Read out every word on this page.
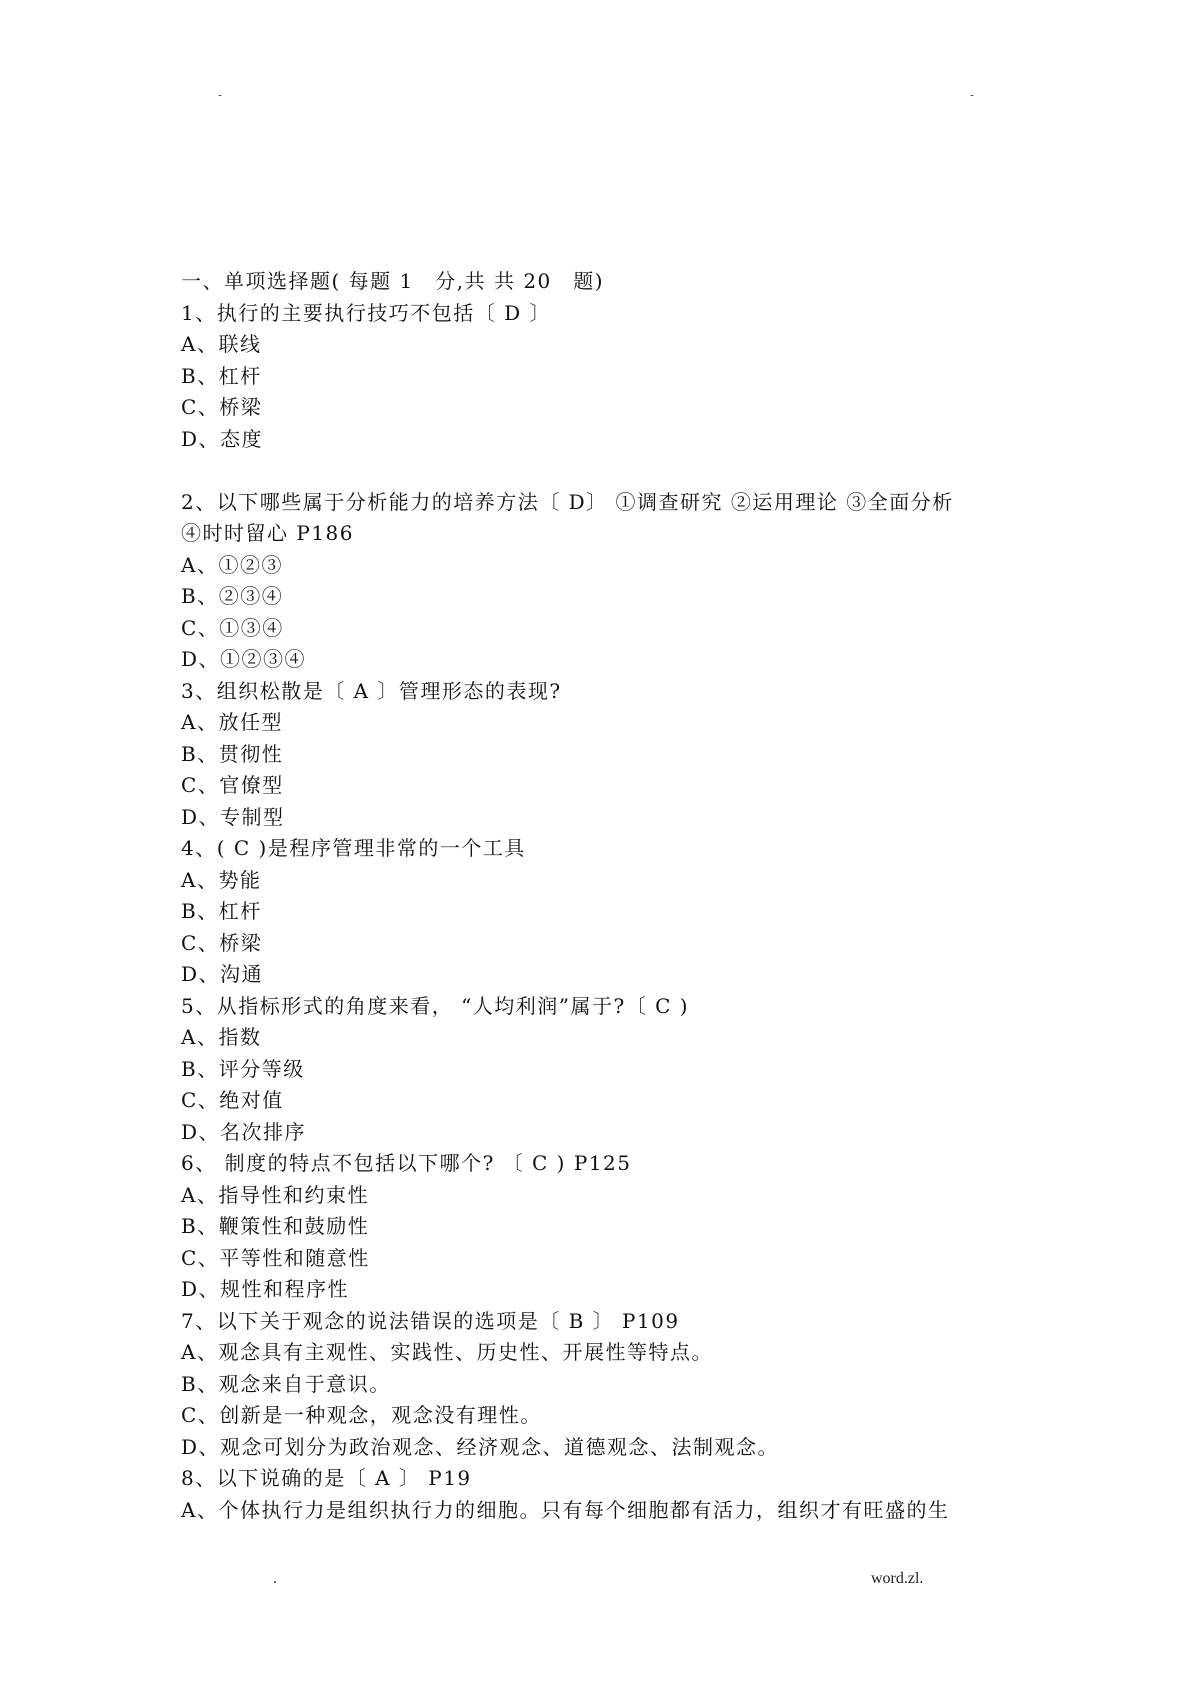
-	-
一、单项选择题( 每题 1　分,共 共 20　题)
1、执行的主要执行技巧不包括〔 D 〕
A、联线
B、杠杆
C、桥梁
D、态度
2、以下哪些属于分析能力的培养方法〔 D〕 ①调查研究 ②运用理论 ③全面分析 ④时时留心 P186
A、①②③
B、②③④
C、①③④
D、①②③④
3、组织松散是〔 A 〕管理形态的表现?
A、放任型
B、贯彻性
C、官僚型
D、专制型
4、( C )是程序管理非常的一个工具
A、势能
B、杠杆
C、桥梁
D、沟通
5、从指标形式的角度来看， “人均利润”属于?〔 C )
A、指数
B、评分等级
C、绝对值
D、名次排序
6、 制度的特点不包括以下哪个? 〔 C ) P125
A、指导性和约束性
B、鞭策性和鼓励性
C、平等性和随意性
D、规性和程序性
7、以下关于观念的说法错误的选项是〔 B 〕 P109
A、观念具有主观性、实践性、历史性、开展性等特点。
B、观念来自于意识。
C、创新是一种观念，观念没有理性。
D、观念可划分为政治观念、经济观念、道德观念、法制观念。
8、以下说确的是〔 A 〕 P19
A、个体执行力是组织执行力的细胞。只有每个细胞都有活力，组织才有旺盛的生
.	word.zl.
